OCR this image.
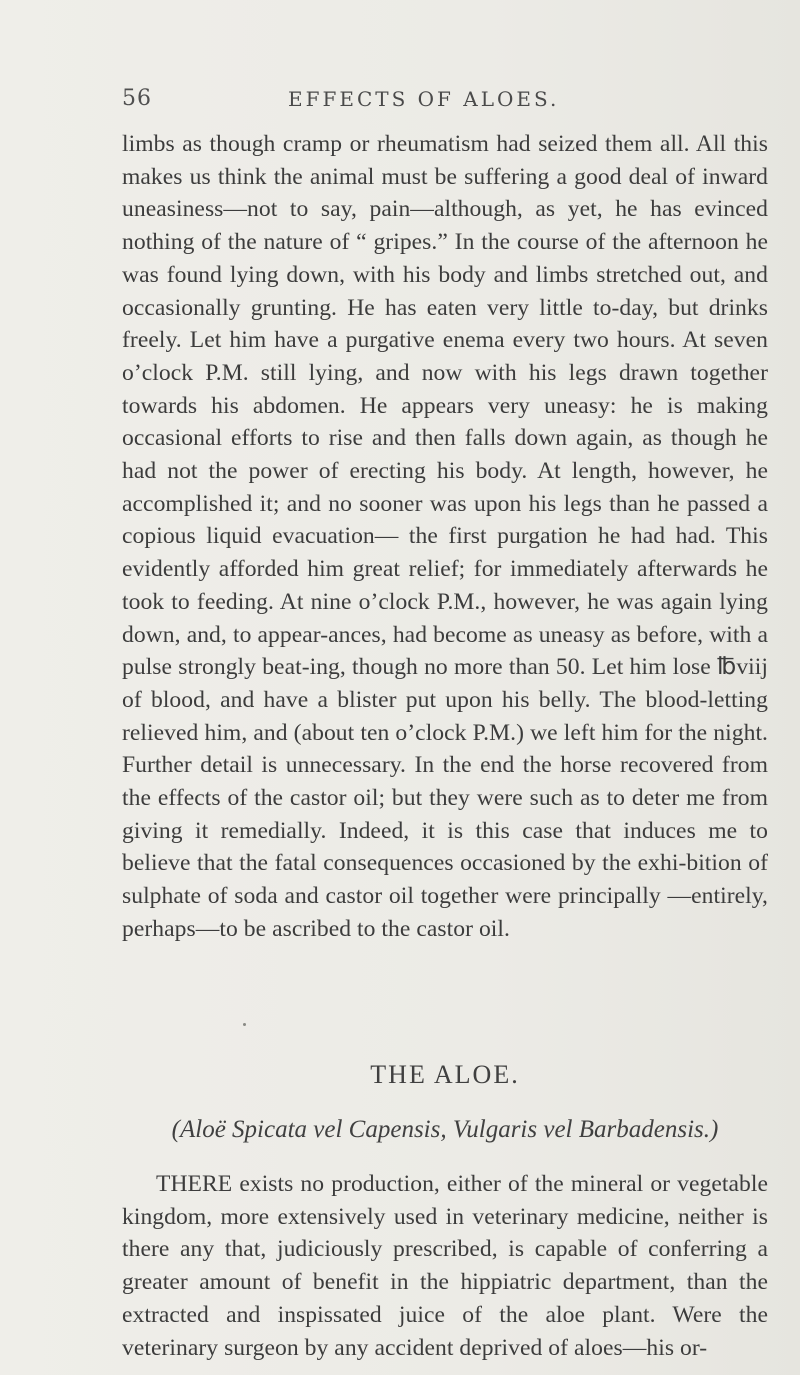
56	EFFECTS OF ALOES.

limbs as though cramp or rheumatism had seized them all. All this makes us think the animal must be suffering a good deal of inward uneasiness—not to say, pain—although, as yet, he has evinced nothing of the nature of “ gripes.” In the course of the afternoon he was found lying down, with his body and limbs stretched out, and occasionally grunting. He has eaten very little to-day, but drinks freely. Let him have a purgative enema every two hours. At seven o’clock P.M. still lying, and now with his legs drawn together towards his abdomen. He appears very uneasy: he is making occasional efforts to rise and then falls down again, as though he had not the power of erecting his body. At length, however, he accomplished it; and no sooner was upon his legs than he passed a copious liquid evacuation— the first purgation he had had. This evidently afforded him great relief; for immediately afterwards he took to feeding. At nine o’clock P.M., however, he was again lying down, and, to appear-ances, had become as uneasy as before, with a pulse strongly beat-ing, though no more than 50. Let him lose ℔viij of blood, and have a blister put upon his belly. The blood-letting relieved him, and (about ten o’clock P.M.) we left him for the night. Further detail is unnecessary. In the end the horse recovered from the effects of the castor oil; but they were such as to deter me from giving it remedially. Indeed, it is this case that induces me to believe that the fatal consequences occasioned by the exhi-bition of sulphate of soda and castor oil together were principally —entirely, perhaps—to be ascribed to the castor oil.

THE ALOE.
(Aloë Spicata vel Capensis, Vulgaris vel Barbadensis.)

THERE exists no production, either of the mineral or vegetable kingdom, more extensively used in veterinary medicine, neither is there any that, judiciously prescribed, is capable of conferring a greater amount of benefit in the hippiatric department, than the extracted and inspissated juice of the aloe plant. Were the veterinary surgeon by any accident deprived of aloes—his or-
